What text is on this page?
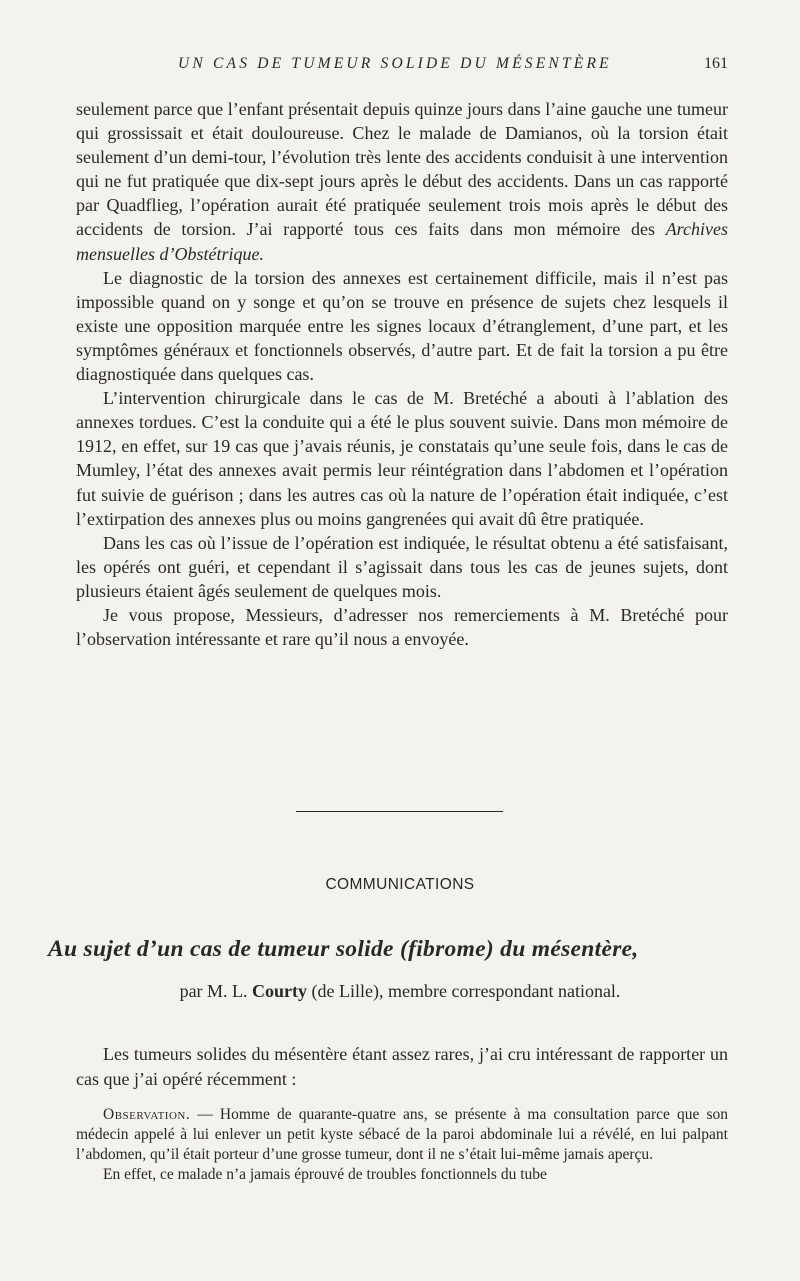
UN CAS DE TUMEUR SOLIDE DU MÉSENTÈRE	161

seulement parce que l’enfant présentait depuis quinze jours dans l’aine gauche une tumeur qui grossissait et était douloureuse. Chez le malade de Damianos, où la torsion était seulement d’un demi-tour, l’évolution très lente des accidents conduisit à une intervention qui ne fut pratiquée que dix-sept jours après le début des accidents. Dans un cas rapporté par Quadflieg, l’opération aurait été pratiquée seulement trois mois après le début des accidents de torsion. J’ai rapporté tous ces faits dans mon mémoire des Archives mensuelles d’Obstétrique.

Le diagnostic de la torsion des annexes est certainement difficile, mais il n’est pas impossible quand on y songe et qu’on se trouve en présence de sujets chez lesquels il existe une opposition marquée entre les signes locaux d’étranglement, d’une part, et les symptômes généraux et fonctionnels observés, d’autre part. Et de fait la torsion a pu être diagnostiquée dans quelques cas.

L’intervention chirurgicale dans le cas de M. Bretéché a abouti à l’ablation des annexes tordues. C’est la conduite qui a été le plus souvent suivie. Dans mon mémoire de 1912, en effet, sur 19 cas que j’avais réunis, je constatais qu’une seule fois, dans le cas de Mumley, l’état des annexes avait permis leur réintégration dans l’abdomen et l’opération fut suivie de guérison ; dans les autres cas où la nature de l’opération était indiquée, c’est l’extirpation des annexes plus ou moins gangrenées qui avait dû être pratiquée.

Dans les cas où l’issue de l’opération est indiquée, le résultat obtenu a été satisfaisant, les opérés ont guéri, et cependant il s’agissait dans tous les cas de jeunes sujets, dont plusieurs étaient âgés seulement de quelques mois.

Je vous propose, Messieurs, d’adresser nos remerciements à M. Bretéché pour l’observation intéressante et rare qu’il nous a envoyée.

COMMUNICATIONS
Au sujet d’un cas de tumeur solide (fibrome) du mésentère,
par M. L. Courty (de Lille), membre correspondant national.

Les tumeurs solides du mésentère étant assez rares, j’ai cru intéressant de rapporter un cas que j’ai opéré récemment :

Observation. — Homme de quarante-quatre ans, se présente à ma consultation parce que son médecin appelé à lui enlever un petit kyste sébacé de la paroi abdominale lui a révélé, en lui palpant l’abdomen, qu’il était porteur d’une grosse tumeur, dont il ne s’était lui-même jamais aperçu.

En effet, ce malade n’a jamais éprouvé de troubles fonctionnels du tube
